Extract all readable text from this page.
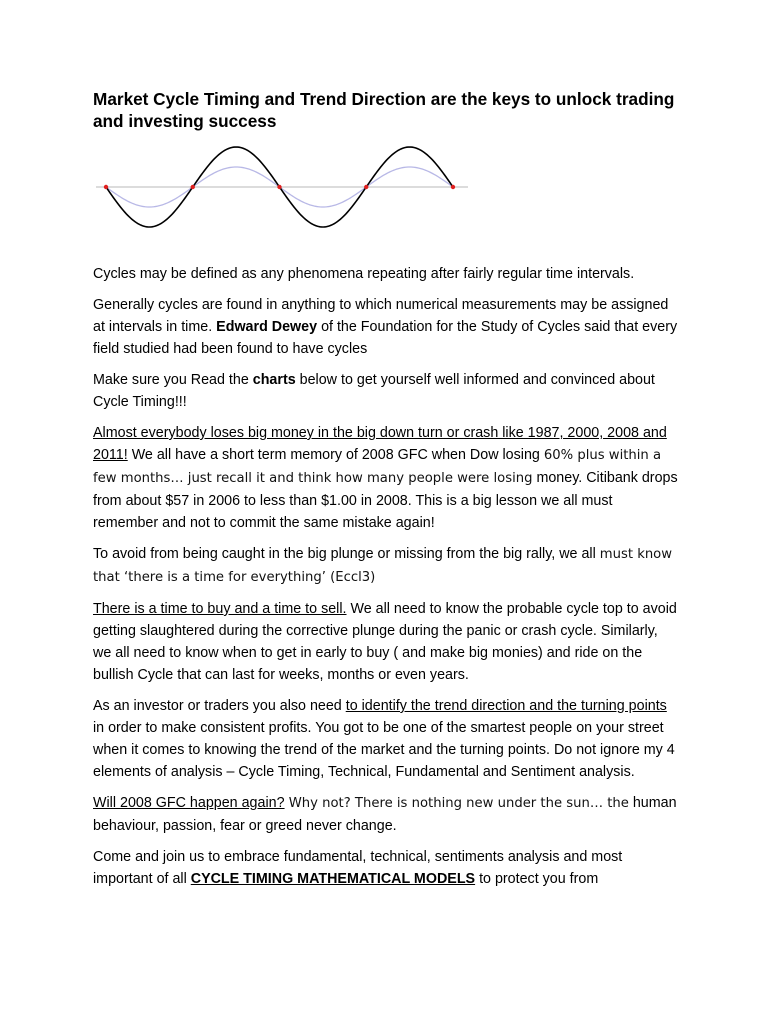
Market Cycle Timing and Trend Direction are the keys to unlock trading and investing success

Cycles may be defined as any phenomena repeating after fairly regular time intervals.

Generally cycles are found in anything to which numerical measurements may be assigned at intervals in time. Edward Dewey of the Foundation for the Study of Cycles said that every field studied had been found to have cycles

Make sure you Read the charts below to get yourself well informed and convinced about Cycle Timing!!!

Almost everybody loses big money in the big down turn or crash like 1987, 2000, 2008 and 2011! We all have a short term memory of 2008 GFC when Dow losing 60% plus within a few months… just recall it and think how many people were losing money. Citibank drops from about $57 in 2006 to less than $1.00 in 2008. This is a big lesson we all must remember and not to commit the same mistake again!

To avoid from being caught in the big plunge or missing from the big rally, we all must know that ‘there is a time for everything’ (Eccl3)

There is a time to buy and a time to sell. We all need to know the probable cycle top to avoid getting slaughtered during the corrective plunge during the panic or crash cycle. Similarly, we all need to know when to get in early to buy ( and make big monies) and ride on the bullish Cycle that can last for weeks, months or even years.

As an investor or traders you also need to identify the trend direction and the turning points in order to make consistent profits. You got to be one of the smartest people on your street when it comes to knowing the trend of the market and the turning points. Do not ignore my 4 elements of analysis – Cycle Timing, Technical, Fundamental and Sentiment analysis.

Will 2008 GFC happen again? Why not? There is nothing new under the sun… the human behaviour, passion, fear or greed never change.

Come and join us to embrace fundamental, technical, sentiments analysis and most important of all CYCLE TIMING MATHEMATICAL MODELS to protect you from
